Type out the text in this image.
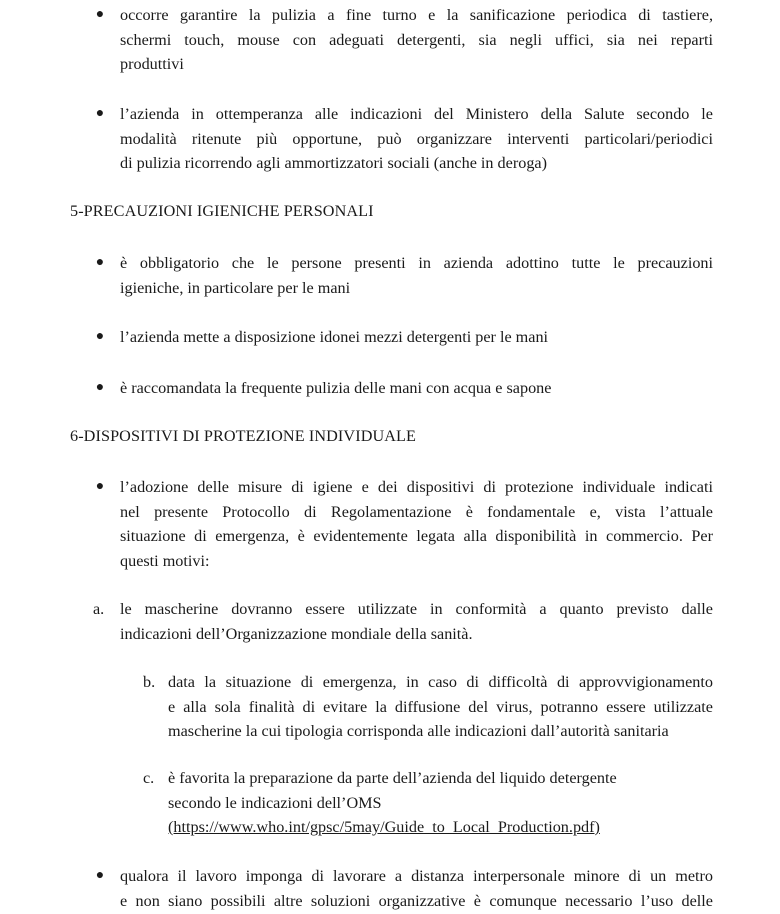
● occorre garantire la pulizia a fine turno e la sanificazione periodica di tastiere,
schermi touch, mouse con adeguati detergenti, sia negli uffici, sia nei reparti
produttivi
● l’azienda in ottemperanza alle indicazioni del Ministero della Salute secondo le
modalità ritenute più opportune, può organizzare interventi particolari/periodici
di pulizia ricorrendo agli ammortizzatori sociali (anche in deroga)
5-PRECAUZIONI IGIENICHE PERSONALI
● è obbligatorio che le persone presenti in azienda adottino tutte le precauzioni
igieniche, in particolare per le mani
● l’azienda mette a disposizione idonei mezzi detergenti per le mani
● è raccomandata la frequente pulizia delle mani con acqua e sapone
6-DISPOSITIVI DI PROTEZIONE INDIVIDUALE
● l’adozione delle misure di igiene e dei dispositivi di protezione individuale indicati
nel presente Protocollo di Regolamentazione è fondamentale e, vista l’attuale
situazione di emergenza, è evidentemente legata alla disponibilità in commercio. Per
questi motivi:
a. le mascherine dovranno essere utilizzate in conformità a quanto previsto dalle
indicazioni dell’Organizzazione mondiale della sanità.
b. data la situazione di emergenza, in caso di difficoltà di approvvigionamento
e alla sola finalità di evitare la diffusione del virus, potranno essere utilizzate
mascherine la cui tipologia corrisponda alle indicazioni dall’autorità sanitaria
c. è favorita la preparazione da parte dell’azienda del liquido detergente
secondo le indicazioni dell’OMS
(https://www.who.int/gpsc/5may/Guide_to_Local_Production.pdf)
● qualora il lavoro imponga di lavorare a distanza interpersonale minore di un metro
e non siano possibili altre soluzioni organizzative è comunque necessario l’uso delle
